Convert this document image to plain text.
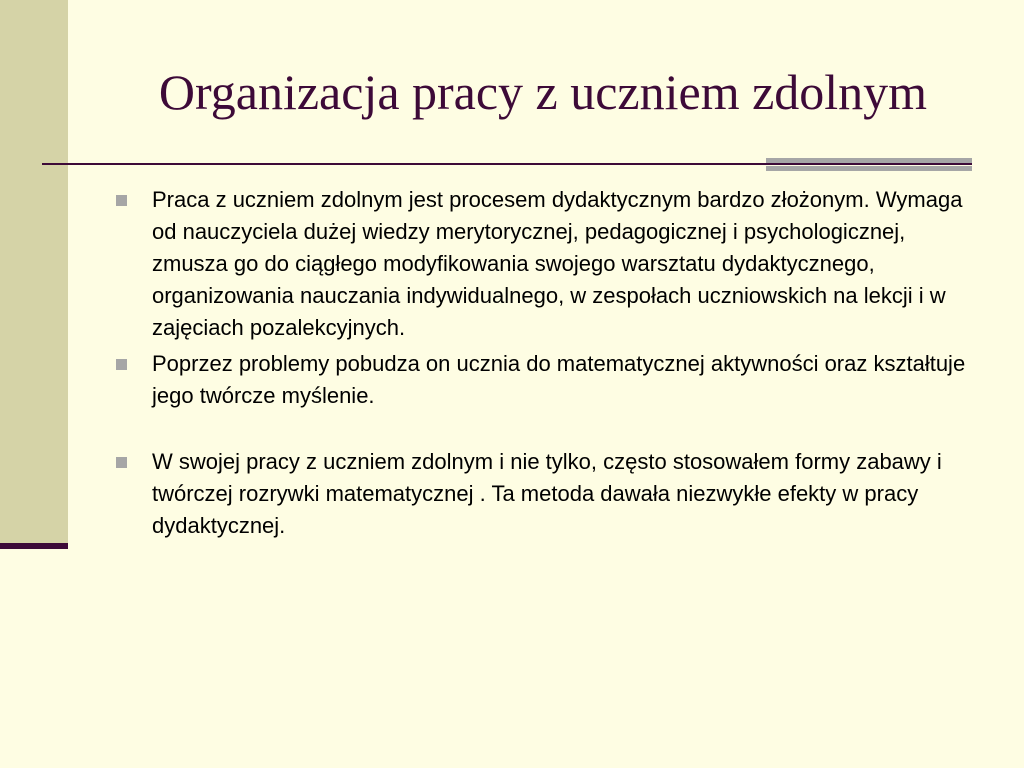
Organizacja pracy z uczniem zdolnym
Praca z uczniem zdolnym jest procesem dydaktycznym bardzo złożonym. Wymaga od nauczyciela dużej wiedzy merytorycznej, pedagogicznej i psychologicznej, zmusza go do ciągłego modyfikowania swojego warsztatu dydaktycznego, organizowania nauczania indywidualnego, w zespołach uczniowskich na lekcji i w zajęciach pozalekcyjnych.
Poprzez problemy pobudza on ucznia do matematycznej aktywności oraz kształtuje jego twórcze myślenie.
W swojej pracy z uczniem zdolnym i nie tylko, często stosowałem formy zabawy i twórczej rozrywki matematycznej . Ta metoda dawała niezwykłe efekty w pracy dydaktycznej.
